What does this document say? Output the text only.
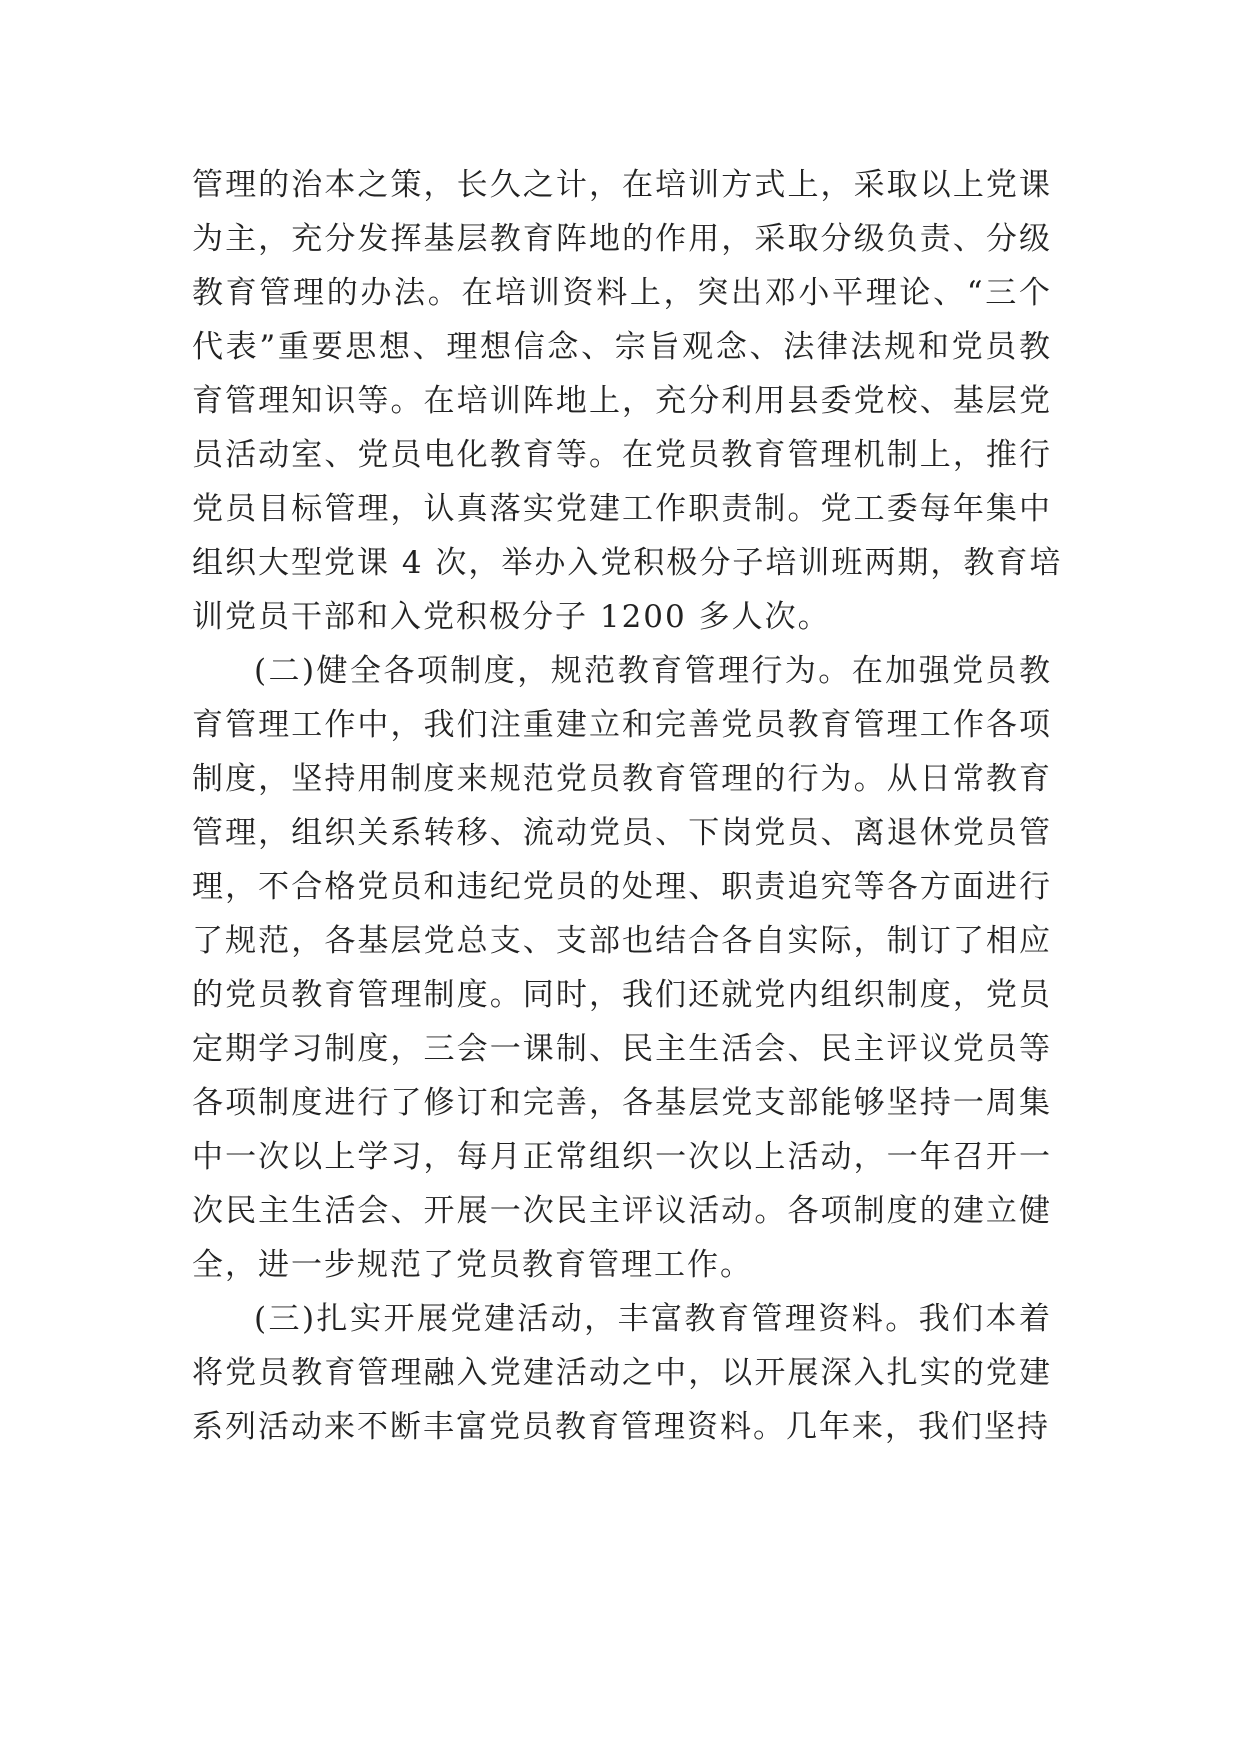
管理的治本之策，长久之计，在培训方式上，采取以上党课
为主，充分发挥基层教育阵地的作用，采取分级负责、分级
教育管理的办法。在培训资料上，突出邓小平理论、“三个
代表”重要思想、理想信念、宗旨观念、法律法规和党员教
育管理知识等。在培训阵地上，充分利用县委党校、基层党
员活动室、党员电化教育等。在党员教育管理机制上，推行
党员目标管理，认真落实党建工作职责制。党工委每年集中
组织大型党课 4 次，举办入党积极分子培训班两期，教育培
训党员干部和入党积极分子 1200 多人次。
(二)健全各项制度，规范教育管理行为。在加强党员教
育管理工作中，我们注重建立和完善党员教育管理工作各项
制度，坚持用制度来规范党员教育管理的行为。从日常教育
管理，组织关系转移、流动党员、下岗党员、离退休党员管
理，不合格党员和违纪党员的处理、职责追究等各方面进行
了规范，各基层党总支、支部也结合各自实际，制订了相应
的党员教育管理制度。同时，我们还就党内组织制度，党员
定期学习制度，三会一课制、民主生活会、民主评议党员等
各项制度进行了修订和完善，各基层党支部能够坚持一周集
中一次以上学习，每月正常组织一次以上活动，一年召开一
次民主生活会、开展一次民主评议活动。各项制度的建立健
全，进一步规范了党员教育管理工作。
(三)扎实开展党建活动，丰富教育管理资料。我们本着
将党员教育管理融入党建活动之中，以开展深入扎实的党建
系列活动来不断丰富党员教育管理资料。几年来，我们坚持
